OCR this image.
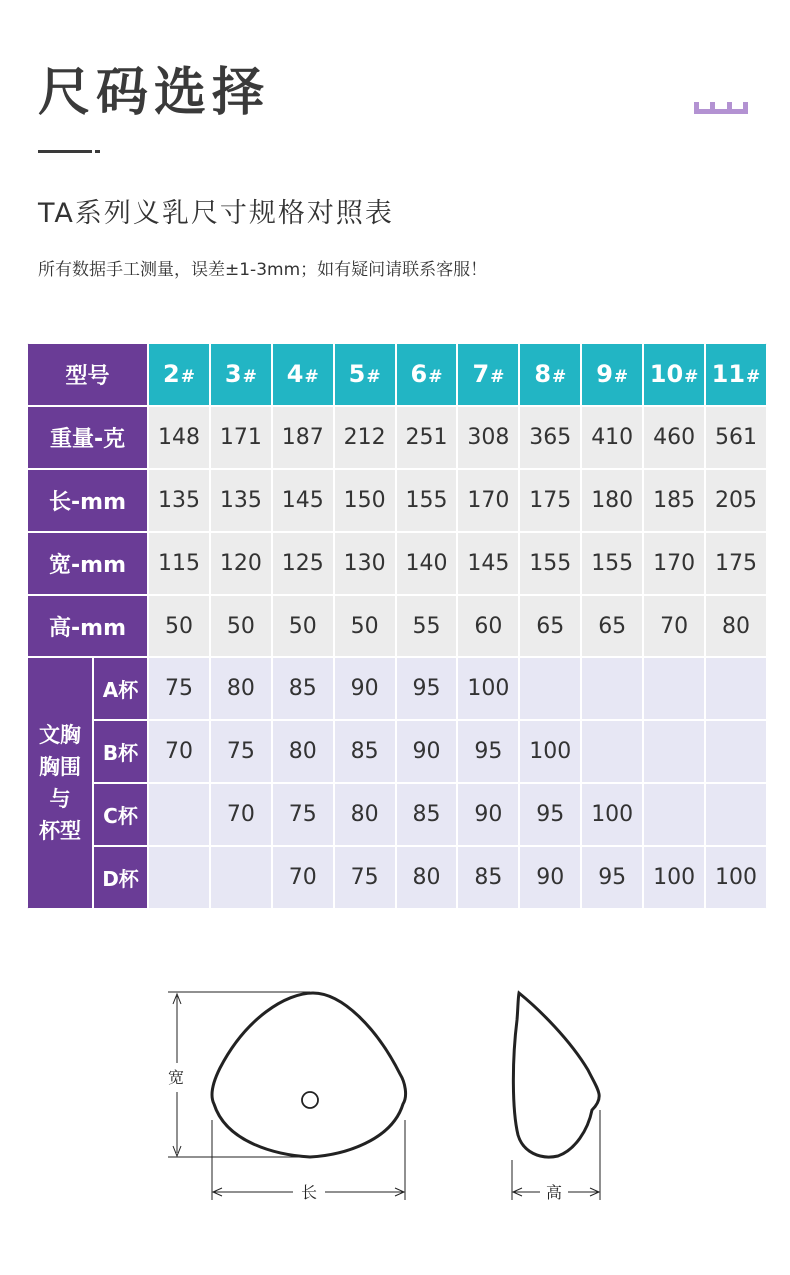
尺码选择
TA系列义乳尺寸规格对照表
所有数据手工测量，误差±1-3mm；如有疑问请联系客服！
型号		2#	3#	4#	5#	6#	7#	8#	9#	10#	11#
重量-克		148	171	187	212	251	308	365	410	460	561
长-mm		135	135	145	150	155	170	175	180	185	205
宽-mm		115	120	125	130	140	145	155	155	170	175
高-mm		50	50	50	50	55	60	65	65	70	80

文胸
胸围
与
杯型	A杯	75	80	85	90	95	100				
	B杯	70	75	80	85	90	95	100			
	C杯		70	75	80	85	90	95	100		
	D杯			70	75	80	85	90	95	100	100
宽
长	高
